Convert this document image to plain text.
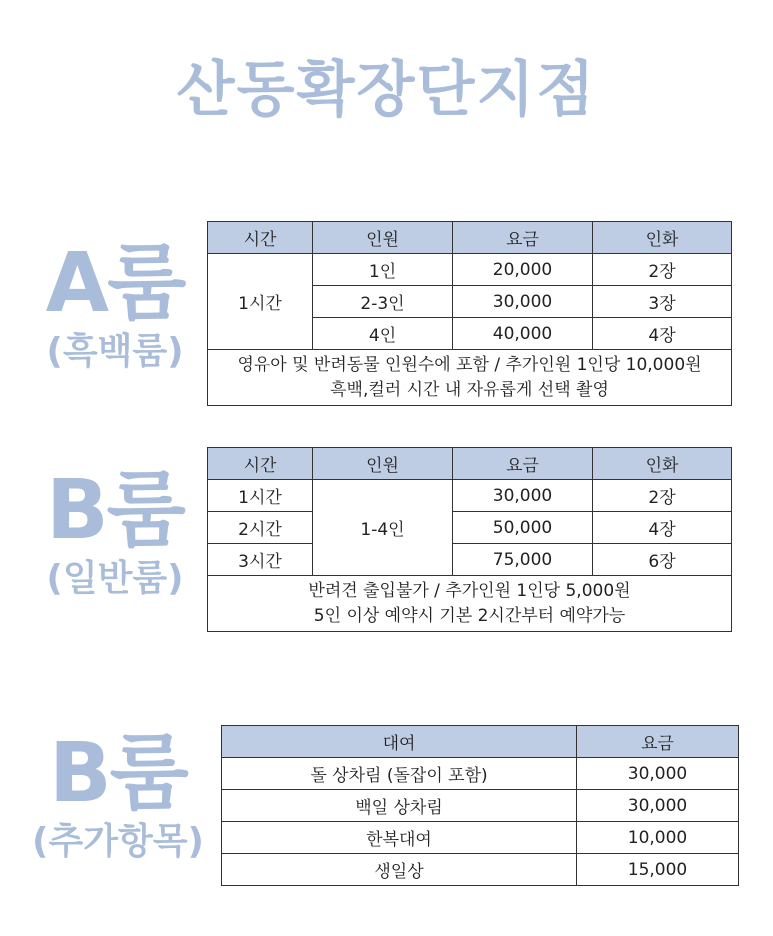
산동확장단지점
A룸
(흑백룸)
시간	인원	요금	인화
1시간	1인	20,000	2장
	2-3인	30,000	3장
	4인	40,000	4장

영유아 및 반려동물 인원수에 포함 / 추가인원 1인당 10,000원
흑백,컬러 시간 내 자유롭게 선택 촬영			
B룸
(일반룸)
시간	인원	요금	인화
1시간	1-4인	30,000	2장
2시간		50,000	4장
3시간		75,000	6장

반려견 출입불가 / 추가인원 1인당 5,000원
5인 이상 예약시 기본 2시간부터 예약가능			
B룸
(추가항목)
대여	요금
돌 상차림 (돌잡이 포함)	30,000
백일 상차림	30,000
한복대여	10,000
생일상	15,000
